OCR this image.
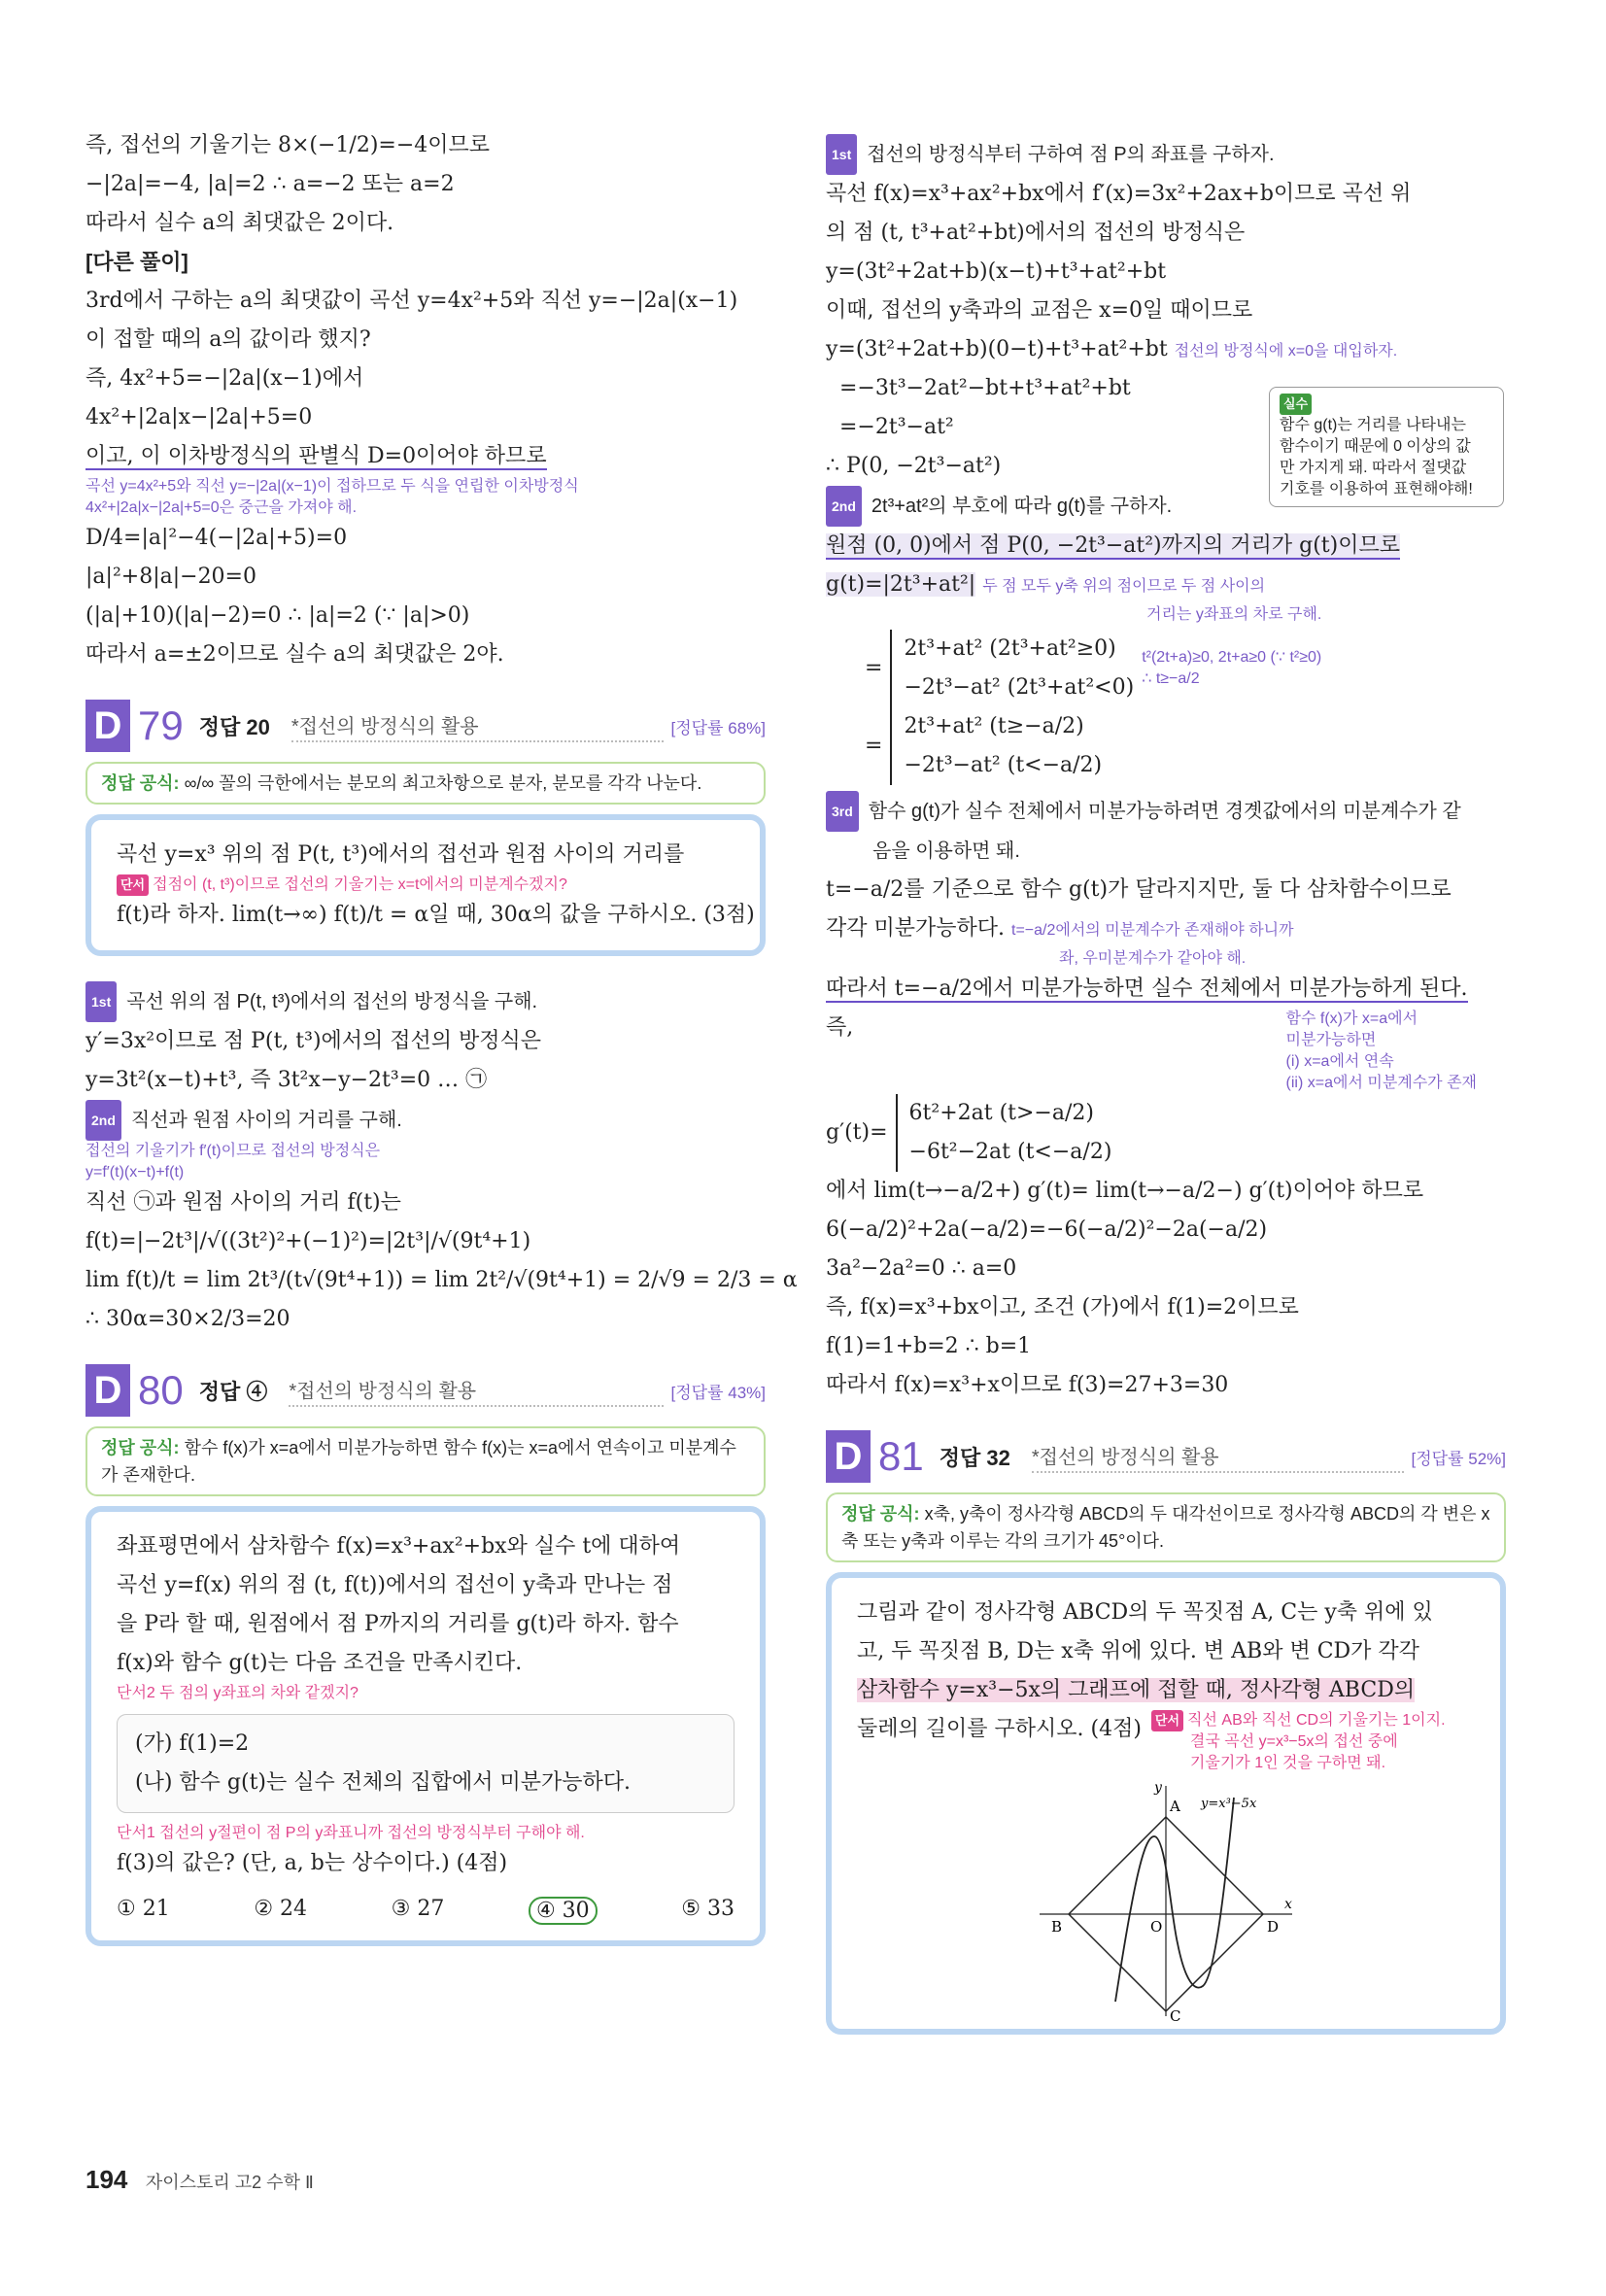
즉, 접선의 기울기는 8×(−1/2)=−4이므로
−|2a|=−4, |a|=2 ∴ a=−2 또는 a=2
따라서 실수 a의 최댓값은 2이다.
[다른 풀이]
3rd에서 구하는 a의 최댓값이 곡선 y=4x²+5와 직선 y=−|2a|(x−1)
이 접할 때의 a의 값이라 했지?
즉, 4x²+5=−|2a|(x−1)에서
4x²+|2a|x−|2a|+5=0
이고, 이 이차방정식의 판별식 D=0이어야 하므로
곡선 y=4x²+5와 직선 y=−|2a|(x−1)이 접하므로 두 식을 연립한 이차방정식
4x²+|2a|x−|2a|+5=0은 중근을 가져야 해.
D/4=|a|²−4(−|2a|+5)=0
|a|²+8|a|−20=0
(|a|+10)(|a|−2)=0 ∴ |a|=2 (∵ |a|>0)
따라서 a=±2이므로 실수 a의 최댓값은 2야.
D 79 정답 20 *접선의 방정식의 활용	[정답률 68%]
정답 공식: ∞/∞ 꼴의 극한에서는 분모의 최고차항으로 분자, 분모를 각각 나눈다.
곡선 y=x³ 위의 점 P(t, t³)에서의 접선과 원점 사이의 거리를
단서 접점이 (t, t³)이므로 접선의 기울기는 x=t에서의 미분계수겠지?
f(t)라 하자. lim(t→∞) f(t)/t = α일 때, 30α의 값을 구하시오. (3점)
1st 곡선 위의 점 P(t, t³)에서의 접선의 방정식을 구해.
y′=3x²이므로 점 P(t, t³)에서의 접선의 방정식은
y=3t²(x−t)+t³, 즉 3t²x−y−2t³=0 … ㉠
2nd 직선과 원점 사이의 거리를 구해.
접선의 기울기가 f′(t)이므로 접선의 방정식은
y=f′(t)(x−t)+f(t)
직선 ㉠과 원점 사이의 거리 f(t)는
f(t)=|−2t³|/√((3t²)²+(−1)²)=|2t³|/√(9t⁴+1)
lim f(t)/t = lim 2t³/(t√(9t⁴+1)) = lim 2t²/√(9t⁴+1) = 2/√9 = 2/3 = α
∴ 30α=30×2/3=20
D 80 정답 ④ *접선의 방정식의 활용	[정답률 43%]
정답 공식: 함수 f(x)가 x=a에서 미분가능하면 함수 f(x)는 x=a에서 연속이고 미분계수가 존재한다.
좌표평면에서 삼차함수 f(x)=x³+ax²+bx와 실수 t에 대하여
곡선 y=f(x) 위의 점 (t, f(t))에서의 접선이 y축과 만나는 점
을 P라 할 때, 원점에서 점 P까지의 거리를 g(t)라 하자. 함수
f(x)와 함수 g(t)는 다음 조건을 만족시킨다.
단서2 두 점의 y좌표의 차와 같겠지?
(가) f(1)=2
(나) 함수 g(t)는 실수 전체의 집합에서 미분가능하다.
단서1 접선의 y절편이 점 P의 y좌표니까 접선의 방정식부터 구해야 해.
f(3)의 값은? (단, a, b는 상수이다.) (4점)
① 21	② 24	③ 27	④ 30	⑤ 33
1st 접선의 방정식부터 구하여 점 P의 좌표를 구하자.
곡선 f(x)=x³+ax²+bx에서 f′(x)=3x²+2ax+b이므로 곡선 위
의 점 (t, t³+at²+bt)에서의 접선의 방정식은
y=(3t²+2at+b)(x−t)+t³+at²+bt
이때, 접선의 y축과의 교점은 x=0일 때이므로
y=(3t²+2at+b)(0−t)+t³+at²+bt 접선의 방정식에 x=0을 대입하자.
=−3t³−2at²−bt+t³+at²+bt
=−2t³−at²
∴ P(0, −2t³−at²)
2nd 2t³+at²의 부호에 따라 g(t)를 구하자.
원점 (0, 0)에서 점 P(0, −2t³−at²)까지의 거리가 g(t)이므로
g(t)=|2t³+at²| 두 점 모두 y축 위의 점이므로 두 점 사이의
거리는 y좌표의 차로 구해.
=
2t³+at² (2t³+at²≥0)
−2t³−at² (2t³+at²<0)
t²(2t+a)≥0, 2t+a≥0 (∵ t²≥0)
∴ t≥−a/2
=
2t³+at² (t≥−a/2)
−2t³−at² (t<−a/2)
3rd 함수 g(t)가 실수 전체에서 미분가능하려면 경곗값에서의 미분계수가 같
음을 이용하면 돼.
t=−a/2를 기준으로 함수 g(t)가 달라지지만, 둘 다 삼차함수이므로
각각 미분가능하다. t=−a/2에서의 미분계수가 존재해야 하니까
좌, 우미분계수가 같아야 해.
따라서 t=−a/2에서 미분가능하면 실수 전체에서 미분가능하게 된다.
즉,	함수 f(x)가 x=a에서
미분가능하면
(i) x=a에서 연속
(ii) x=a에서 미분계수가 존재
g′(t)=
6t²+2at (t>−a/2)
−6t²−2at (t<−a/2)
에서 lim(t→−a/2+) g′(t)= lim(t→−a/2−) g′(t)이어야 하므로
6(−a/2)²+2a(−a/2)=−6(−a/2)²−2a(−a/2)
3a²−2a²=0 ∴ a=0
즉, f(x)=x³+bx이고, 조건 (가)에서 f(1)=2이므로
f(1)=1+b=2 ∴ b=1
따라서 f(x)=x³+x이므로 f(3)=27+3=30
D 81 정답 32 *접선의 방정식의 활용	[정답률 52%]
정답 공식: x축, y축이 정사각형 ABCD의 두 대각선이므로 정사각형 ABCD의 각 변은 x축 또는 y축과 이루는 각의 크기가 45°이다.
그림과 같이 정사각형 ABCD의 두 꼭짓점 A, C는 y축 위에 있
고, 두 꼭짓점 B, D는 x축 위에 있다. 변 AB와 변 CD가 각각
삼차함수 y=x³−5x의 그래프에 접할 때, 정사각형 ABCD의
둘레의 길이를 구하시오. (4점)	단서 직선 AB와 직선 CD의 기울기는 1이지.
결국 곡선 y=x³−5x의 접선 중에
기울기가 1인 것을 구하면 돼.
A
B
C
D
O
x
y
y=x³−5x
실수
함수 g(t)는 거리를 나타내는
함수이기 때문에 0 이상의 값
만 가지게 돼. 따라서 절댓값
기호를 이용하여 표현해야해!
194 자이스토리 고2 수학 Ⅱ
